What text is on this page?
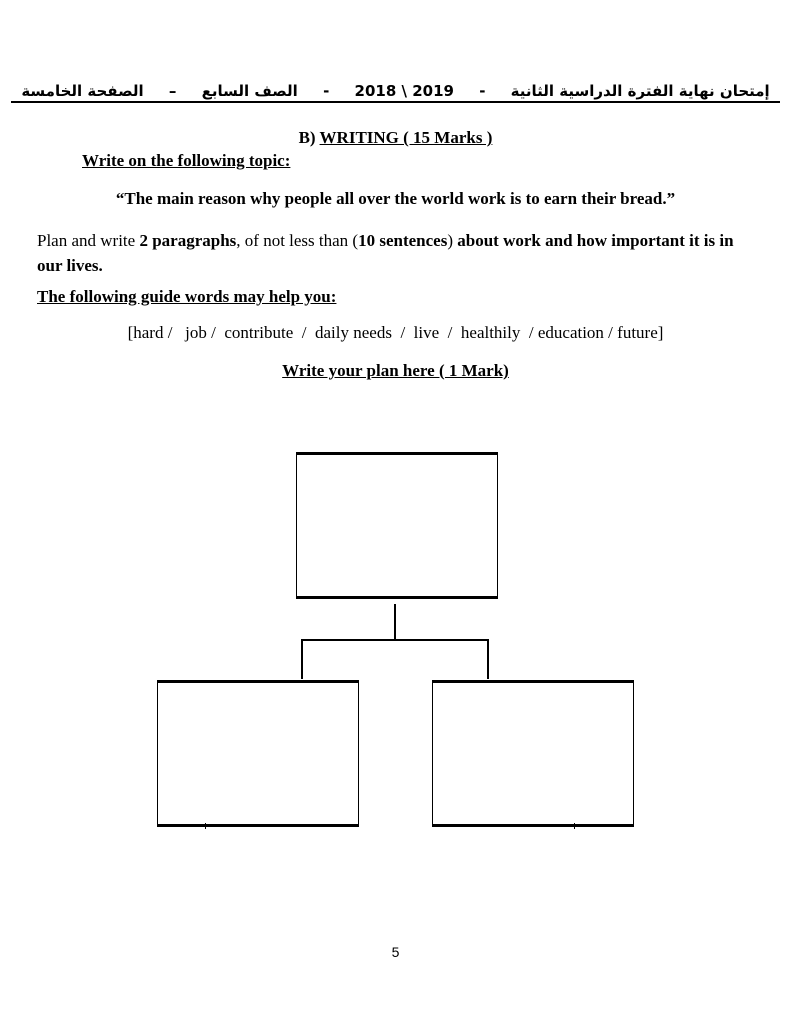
إمتحان نهاية الفترة الدراسية الثانية - 2018 \ 2019 - الصف السابع – الصفحة الخامسة
B) WRITING ( 15 Marks )
Write on the following topic:
“The main reason why people all over the world work is to earn their bread.”
Plan and write 2 paragraphs, of not less than (10 sentences) about work and how important it is in our lives.
The following guide words may help you:
[hard /   job /  contribute  /  daily needs  /  live  /  healthily  / education / future]
Write your plan here ( 1 Mark)
5
